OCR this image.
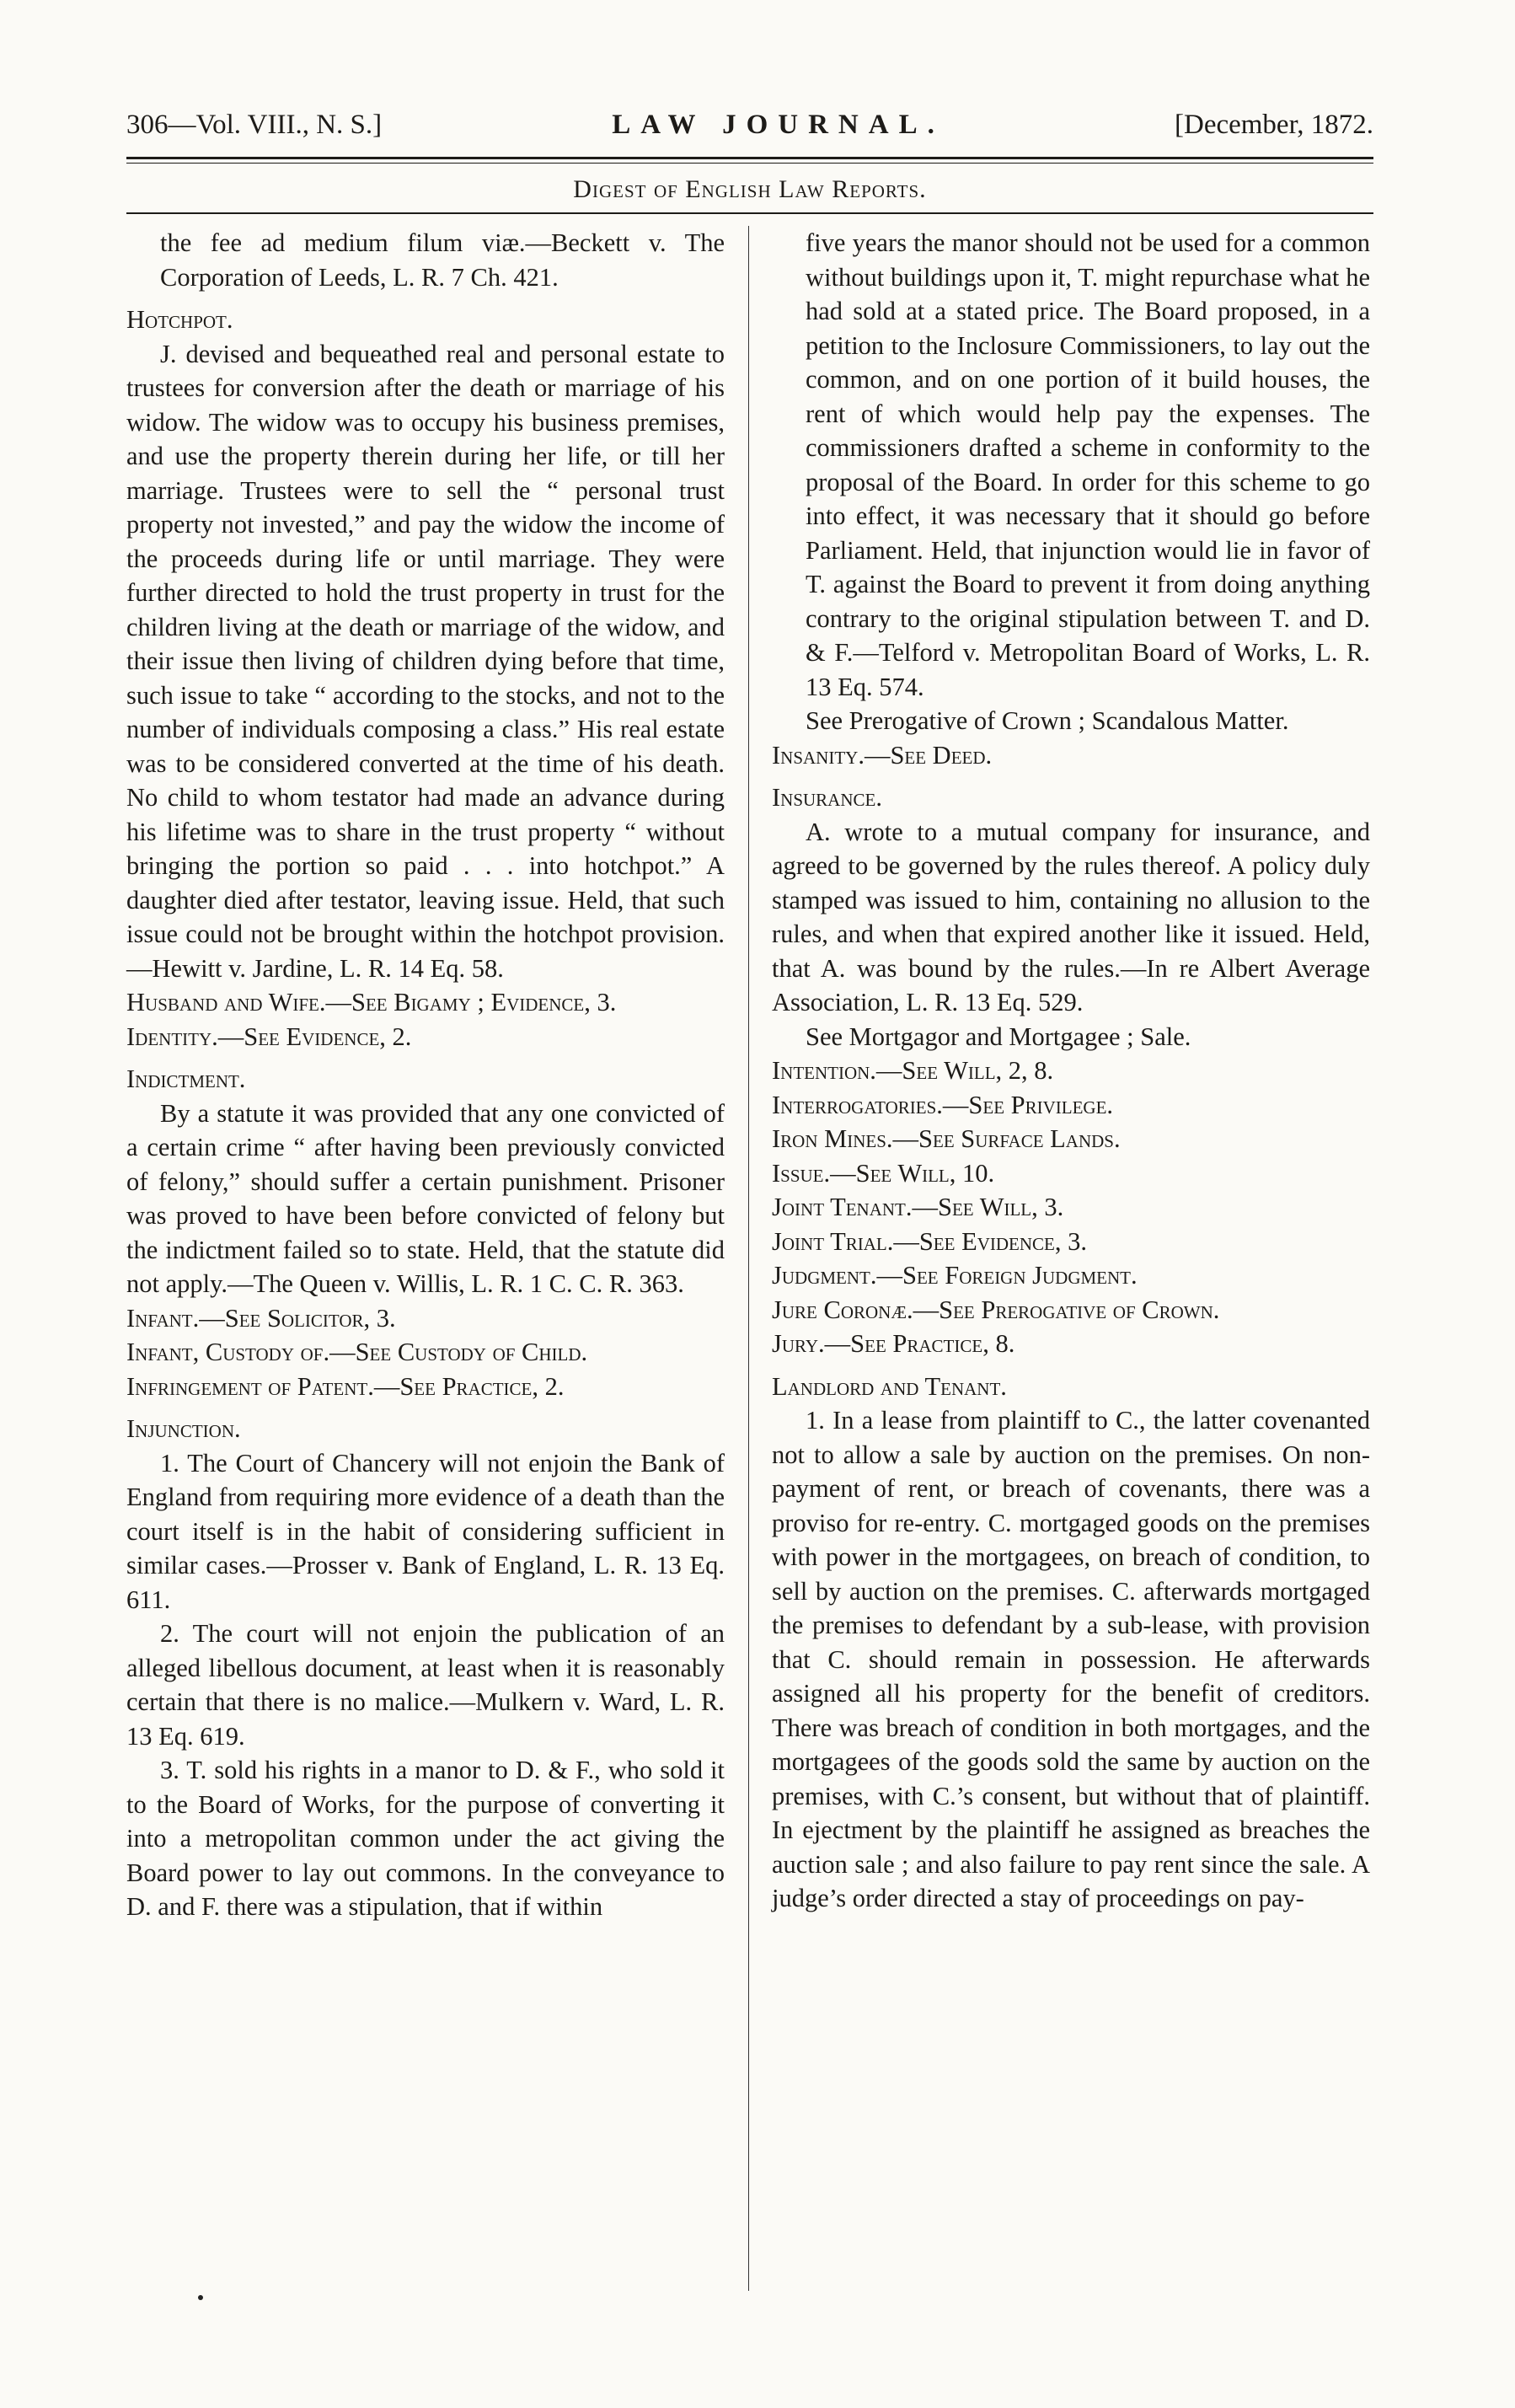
306—Vol. VIII., N. S.]	LAW JOURNAL.	[December, 1872.
Digest of English Law Reports.
the fee ad medium filum viæ.—Beckett v. The Corporation of Leeds, L. R. 7 Ch. 421.
Hotchpot.
J. devised and bequeathed real and personal estate to trustees for conversion after the death or marriage of his widow. The widow was to occupy his business premises, and use the property therein during her life, or till her marriage. Trustees were to sell the “ personal trust property not invested,” and pay the widow the income of the proceeds during life or until marriage. They were further directed to hold the trust property in trust for the children living at the death or marriage of the widow, and their issue then living of children dying before that time, such issue to take “ according to the stocks, and not to the number of individuals composing a class.” His real estate was to be considered converted at the time of his death. No child to whom testator had made an advance during his lifetime was to share in the trust property “ without bringing the portion so paid . . . into hotchpot.” A daughter died after testator, leaving issue. Held, that such issue could not be brought within the hotchpot provision.—Hewitt v. Jardine, L. R. 14 Eq. 58.
Husband and Wife.—See Bigamy ; Evidence, 3.
Identity.—See Evidence, 2.
Indictment.
By a statute it was provided that any one convicted of a certain crime “ after having been previously convicted of felony,” should suffer a certain punishment. Prisoner was proved to have been before convicted of felony but the indictment failed so to state. Held, that the statute did not apply.—The Queen v. Willis, L. R. 1 C. C. R. 363.
Infant.—See Solicitor, 3.
Infant, Custody of.—See Custody of Child.
Infringement of Patent.—See Practice, 2.
Injunction.
1. The Court of Chancery will not enjoin the Bank of England from requiring more evidence of a death than the court itself is in the habit of considering sufficient in similar cases.—Prosser v. Bank of England, L. R. 13 Eq. 611.
2. The court will not enjoin the publication of an alleged libellous document, at least when it is reasonably certain that there is no malice.—Mulkern v. Ward, L. R. 13 Eq. 619.
3. T. sold his rights in a manor to D. & F., who sold it to the Board of Works, for the purpose of converting it into a metropolitan common under the act giving the Board power to lay out commons. In the conveyance to D. and F. there was a stipulation, that if within
five years the manor should not be used for a common without buildings upon it, T. might repurchase what he had sold at a stated price. The Board proposed, in a petition to the Inclosure Commissioners, to lay out the common, and on one portion of it build houses, the rent of which would help pay the expenses. The commissioners drafted a scheme in conformity to the proposal of the Board. In order for this scheme to go into effect, it was necessary that it should go before Parliament. Held, that injunction would lie in favor of T. against the Board to prevent it from doing anything contrary to the original stipulation between T. and D. & F.—Telford v. Metropolitan Board of Works, L. R. 13 Eq. 574.
See Prerogative of Crown ; Scandalous Matter.
Insanity.—See Deed.
Insurance.
A. wrote to a mutual company for insurance, and agreed to be governed by the rules thereof. A policy duly stamped was issued to him, containing no allusion to the rules, and when that expired another like it issued. Held, that A. was bound by the rules.—In re Albert Average Association, L. R. 13 Eq. 529.
See Mortgagor and Mortgagee ; Sale.
Intention.—See Will, 2, 8.
Interrogatories.—See Privilege.
Iron Mines.—See Surface Lands.
Issue.—See Will, 10.
Joint Tenant.—See Will, 3.
Joint Trial.—See Evidence, 3.
Judgment.—See Foreign Judgment.
Jure Coronæ.—See Prerogative of Crown.
Jury.—See Practice, 8.
Landlord and Tenant.
1. In a lease from plaintiff to C., the latter covenanted not to allow a sale by auction on the premises. On non-payment of rent, or breach of covenants, there was a proviso for re-entry. C. mortgaged goods on the premises with power in the mortgagees, on breach of condition, to sell by auction on the premises. C. afterwards mortgaged the premises to defendant by a sub-lease, with provision that C. should remain in possession. He afterwards assigned all his property for the benefit of creditors. There was breach of condition in both mortgages, and the mortgagees of the goods sold the same by auction on the premises, with C.’s consent, but without that of plaintiff. In ejectment by the plaintiff he assigned as breaches the auction sale ; and also failure to pay rent since the sale. A judge’s order directed a stay of proceedings on pay-
